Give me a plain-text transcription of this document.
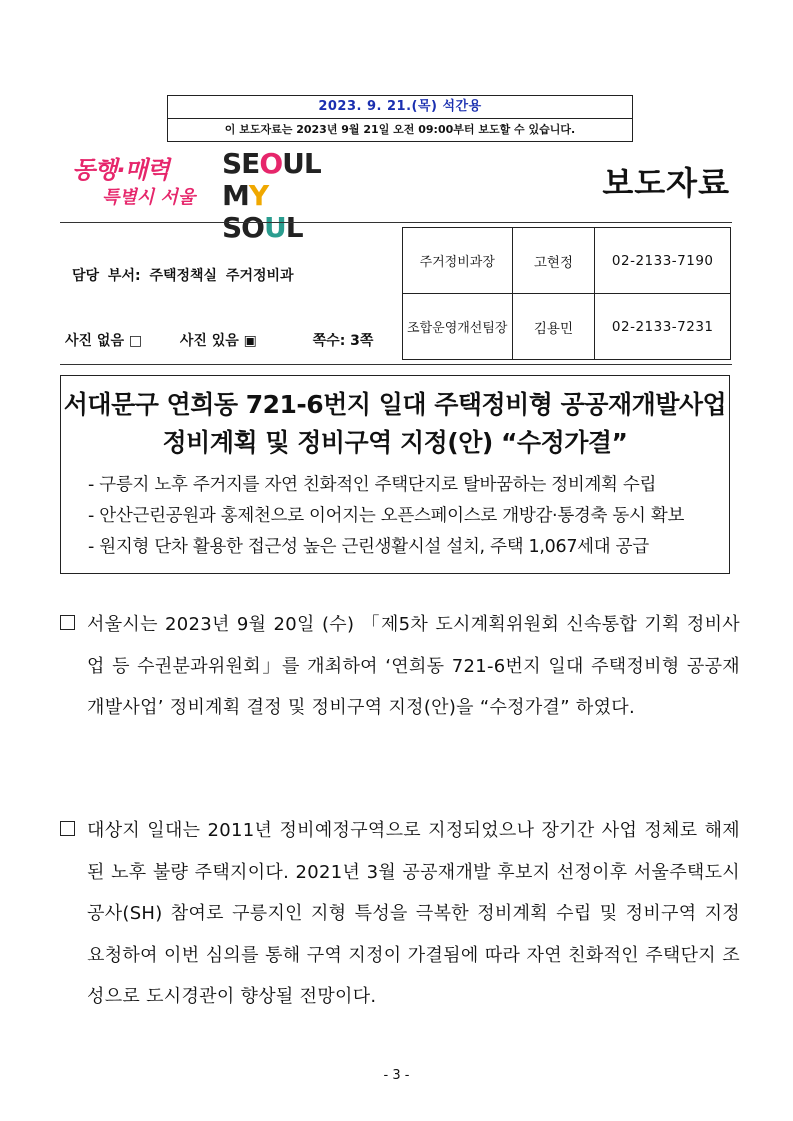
2023. 9. 21.(목) 석간용
이 보도자료는 2023년 9월 21일 오전 09:00부터 보도할 수 있습니다.
동행·매력
특별시 서울
SEOUL
MY SOUL
보도자료
담당 부서: 주택정책실 주거정비과
사진 없음 □	사진 있음 ▣	쪽수: 3쪽
주거정비과장	고현정	02-2133-7190
조합운영개선팀장	김용민	02-2133-7231
서대문구 연희동 721-6번지 일대 주택정비형 공공재개발사업
정비계획 및 정비구역 지정(안) “수정가결”
- 구릉지 노후 주거지를 자연 친화적인 주택단지로 탈바꿈하는 정비계획 수립
- 안산근린공원과 홍제천으로 이어지는 오픈스페이스로 개방감·통경축 동시 확보
- 원지형 단차 활용한 접근성 높은 근린생활시설 설치, 주택 1,067세대 공급
서울시는 2023년 9월 20일 (수) 「제5차 도시계획위원회 신속통합 기획 정비사업 등 수권분과위원회」를 개최하여 ‘연희동 721-6번지 일대 주택정비형 공공재개발사업’ 정비계획 결정 및 정비구역 지정(안)을 “수정가결” 하였다.
대상지 일대는 2011년 정비예정구역으로 지정되었으나 장기간 사업 정체로 해제된 노후 불량 주택지이다. 2021년 3월 공공재개발 후보지 선정이후 서울주택도시공사(SH) 참여로 구릉지인 지형 특성을 극복한 정비계획 수립 및 정비구역 지정 요청하여 이번 심의를 통해 구역 지정이 가결됨에 따라 자연 친화적인 주택단지 조성으로 도시경관이 향상될 전망이다.
- 3 -
